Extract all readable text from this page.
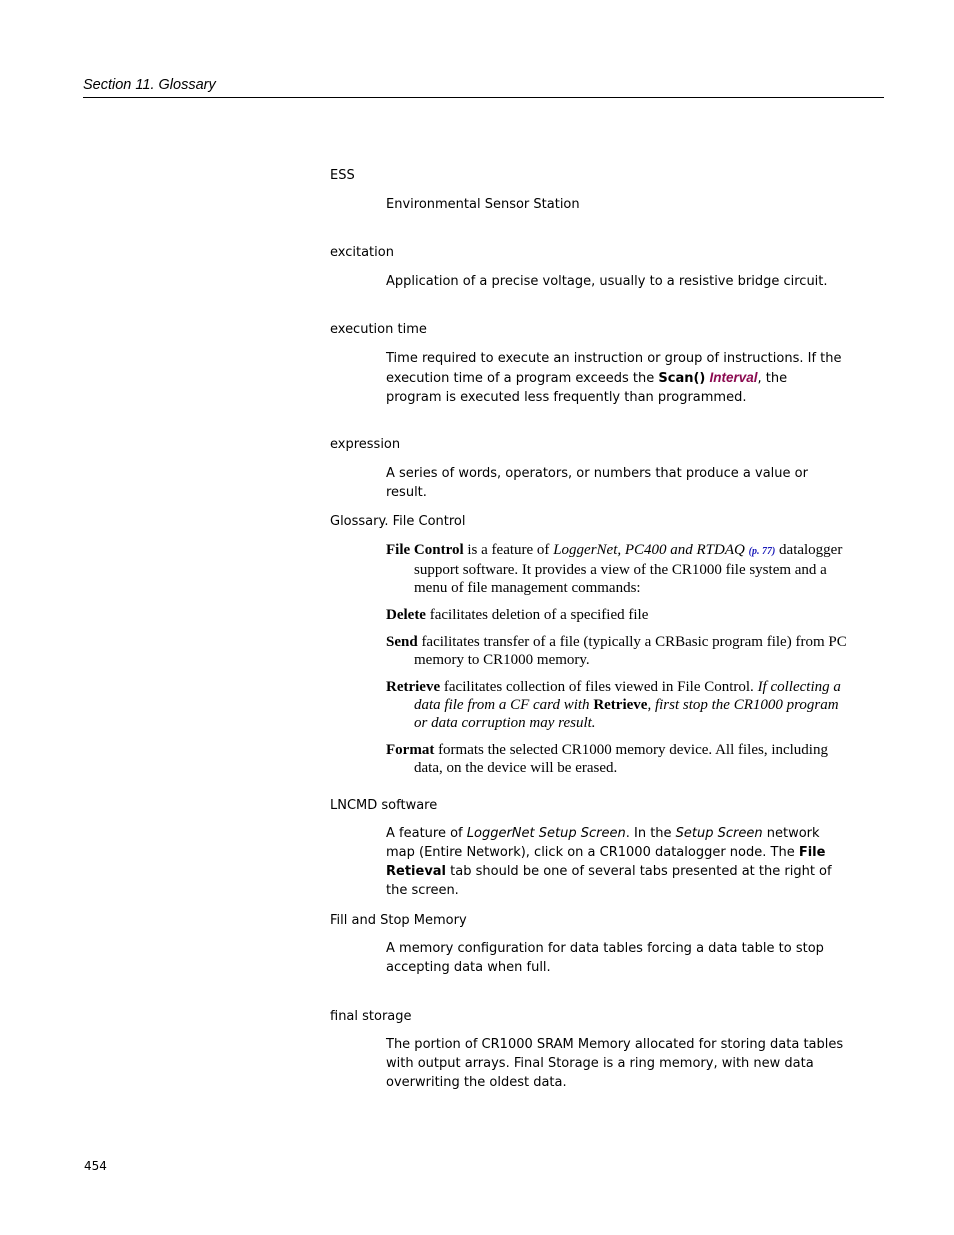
Section 11. Glossary
ESS
Environmental Sensor Station
excitation
Application of a precise voltage, usually to a resistive bridge circuit.
execution time
Time required to execute an instruction or group of instructions. If the execution time of a program exceeds the Scan() Interval, the program is executed less frequently than programmed.
expression
A series of words, operators, or numbers that produce a value or result.
Glossary. File Control

File Control is a feature of LoggerNet, PC400 and RTDAQ (p. 77) datalogger support software. It provides a view of the CR1000 file system and a menu of file management commands:

Delete facilitates deletion of a specified file

Send facilitates transfer of a file (typically a CRBasic program file) from PC memory to CR1000 memory.

Retrieve facilitates collection of files viewed in File Control. If collecting a data file from a CF card with Retrieve, first stop the CR1000 program or data corruption may result.

Format formats the selected CR1000 memory device. All files, including data, on the device will be erased.

LNCMD software
A feature of LoggerNet Setup Screen. In the Setup Screen network map (Entire Network), click on a CR1000 datalogger node. The File Retieval tab should be one of several tabs presented at the right of the screen.
Fill and Stop Memory
A memory configuration for data tables forcing a data table to stop accepting data when full.
final storage
The portion of CR1000 SRAM Memory allocated for storing data tables with output arrays. Final Storage is a ring memory, with new data overwriting the oldest data.
454
